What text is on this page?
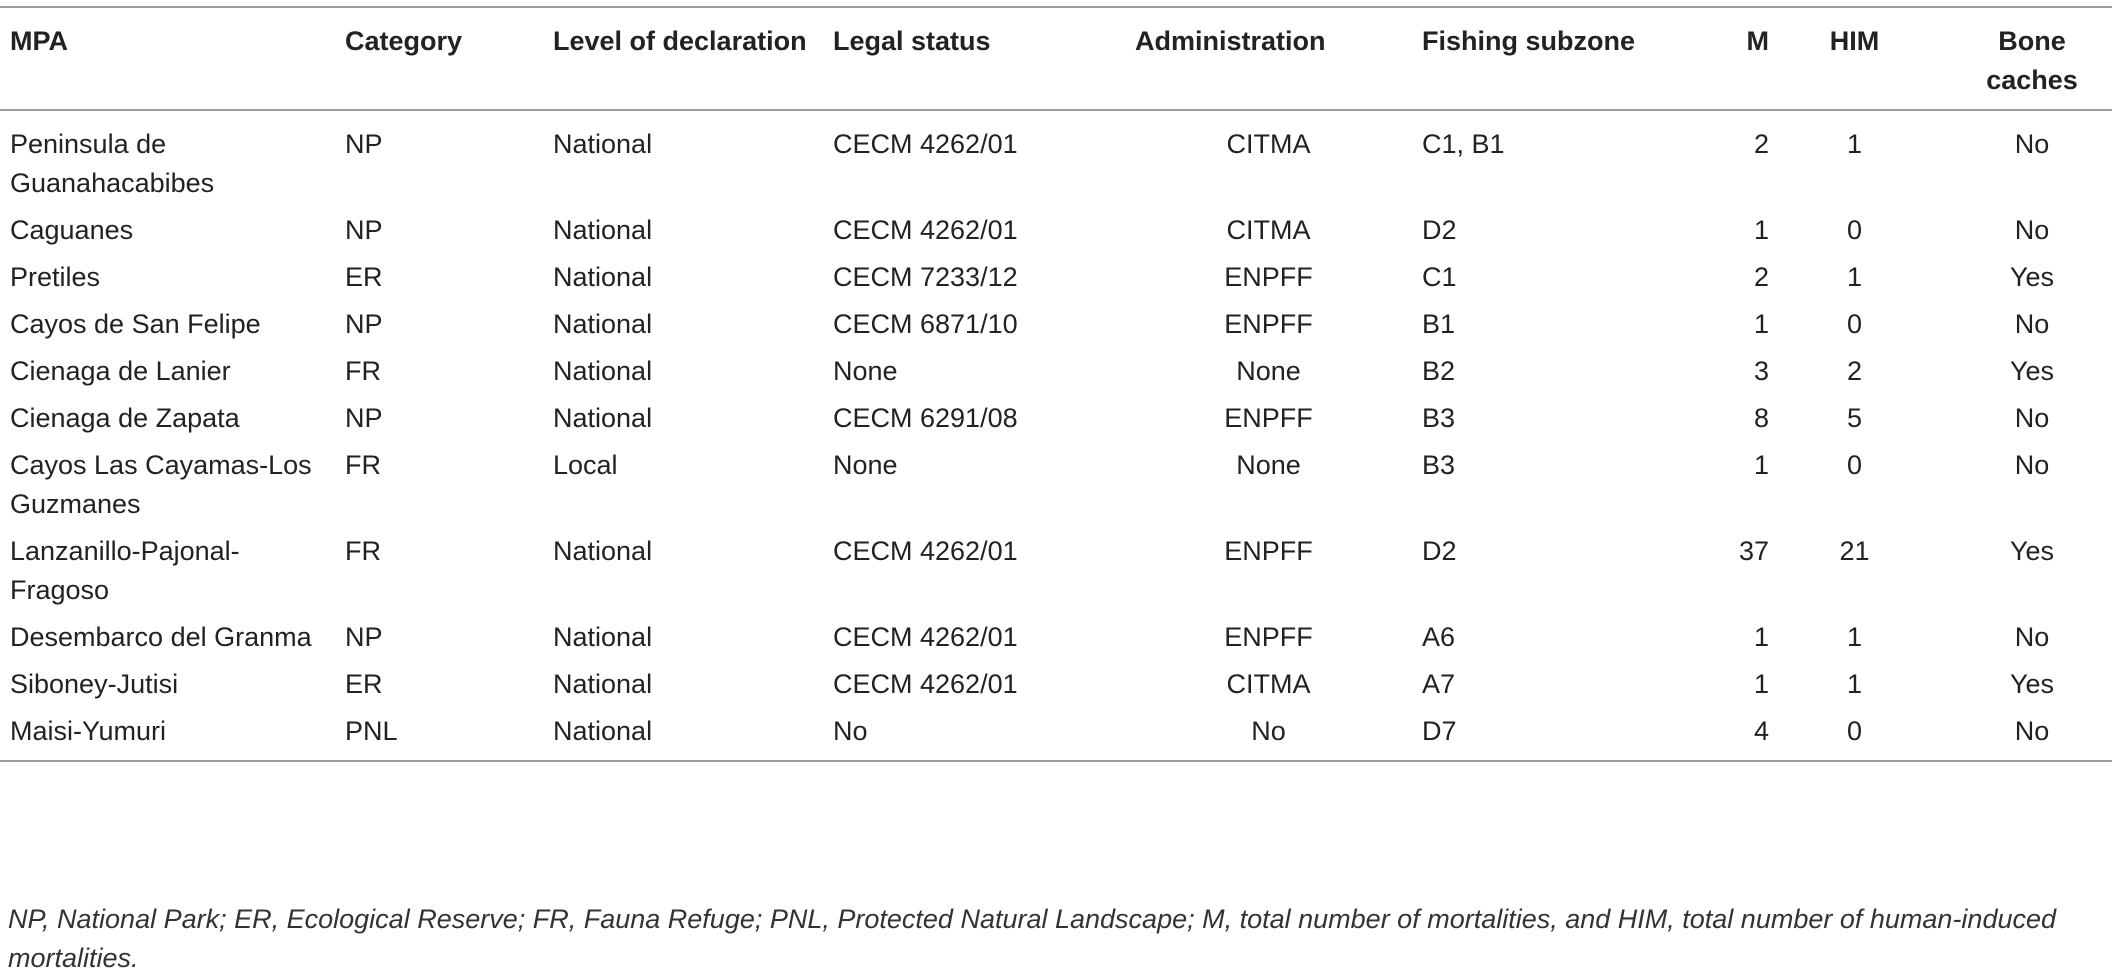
MPA	Category	Level of declaration	Legal status	Administration	Fishing subzone	M	HIM	Bone caches
Peninsula de Guanahacabibes	NP	National	CECM 4262/01	CITMA	C1, B1	2	1	No
Caguanes	NP	National	CECM 4262/01	CITMA	D2	1	0	No
Pretiles	ER	National	CECM 7233/12	ENPFF	C1	2	1	Yes
Cayos de San Felipe	NP	National	CECM 6871/10	ENPFF	B1	1	0	No
Cienaga de Lanier	FR	National	None	None	B2	3	2	Yes
Cienaga de Zapata	NP	National	CECM 6291/08	ENPFF	B3	8	5	No
Cayos Las Cayamas-Los Guzmanes	FR	Local	None	None	B3	1	0	No
Lanzanillo-Pajonal-Fragoso	FR	National	CECM 4262/01	ENPFF	D2	37	21	Yes
Desembarco del Granma	NP	National	CECM 4262/01	ENPFF	A6	1	1	No
Siboney-Jutisi	ER	National	CECM 4262/01	CITMA	A7	1	1	Yes
Maisi-Yumuri	PNL	National	No	No	D7	4	0	No
NP, National Park; ER, Ecological Reserve; FR, Fauna Refuge; PNL, Protected Natural Landscape; M, total number of mortalities, and HIM, total number of human-induced mortalities.
